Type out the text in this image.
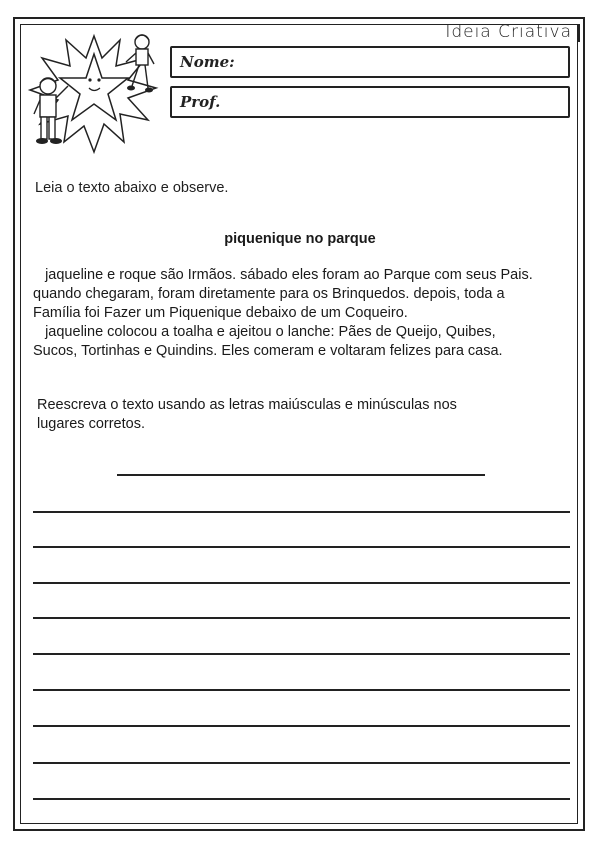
Ideia Criativa
Nome:
Prof.
Leia o texto abaixo e observe.
piquenique no parque
jaqueline e roque são Irmãos. sábado eles foram ao Parque com seus Pais.
quando chegaram, foram diretamente para os Brinquedos. depois, toda a
Família foi Fazer um Piquenique debaixo de um Coqueiro.
jaqueline colocou a toalha e ajeitou o lanche: Pães de Queijo, Quibes,
Sucos, Tortinhas e Quindins. Eles comeram e voltaram felizes para casa.
Reescreva o texto usando as letras maiúsculas e minúsculas nos
lugares corretos.
